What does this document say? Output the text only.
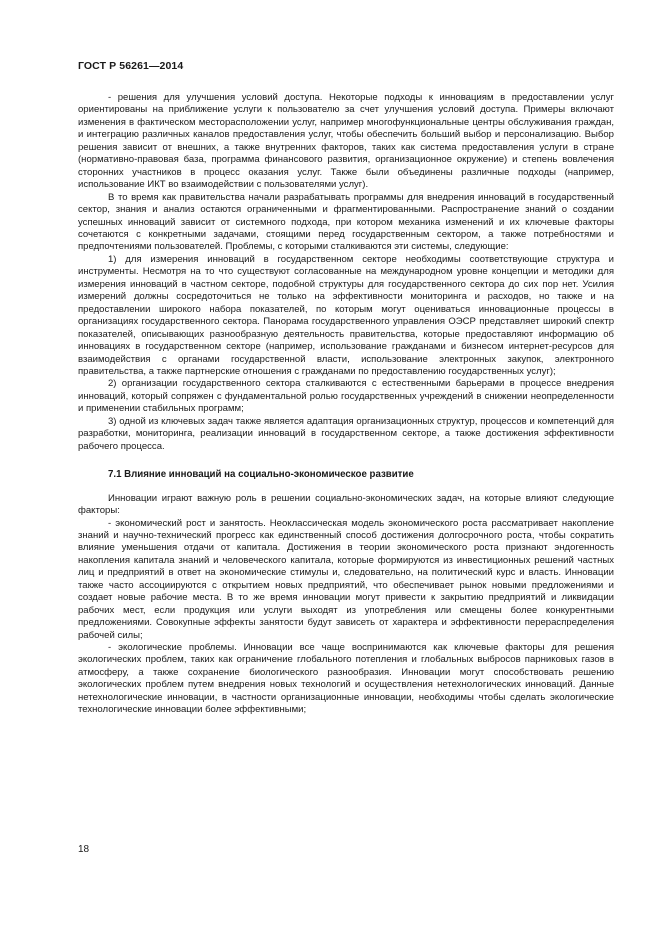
ГОСТ Р 56261—2014

- решения для улучшения условий доступа. Некоторые подходы к инновациям в предоставлении услуг ориентированы на приближение услуги к пользователю за счет улучшения условий доступа. Примеры включают изменения в фактическом месторасположении услуг, например многофункциональные центры обслуживания граждан, и интеграцию различных каналов предоставления услуг, чтобы обеспечить больший выбор и персонализацию. Выбор решения зависит от внешних, а также внутренних факторов, таких как система предоставления услуги в стране (нормативно-правовая база, программа финансового развития, организационное окружение) и степень вовлечения сторонних участников в процесс оказания услуг. Также были объединены различные подходы (например, использование ИКТ во взаимодействии с пользователями услуг).

В то время как правительства начали разрабатывать программы для внедрения инноваций в государственный сектор, знания и анализ остаются ограниченными и фрагментированными. Распространение знаний о создании успешных инноваций зависит от системного подхода, при котором механика изменений и их ключевые факторы сочетаются с конкретными задачами, стоящими перед государственным сектором, а также потребностями и предпочтениями пользователей. Проблемы, с которыми сталкиваются эти системы, следующие:

1) для измерения инноваций в государственном секторе необходимы соответствующие структура и инструменты. Несмотря на то что существуют согласованные на международном уровне концепции и методики для измерения инноваций в частном секторе, подобной структуры для государственного сектора до сих пор нет. Усилия измерений должны сосредоточиться не только на эффективности мониторинга и расходов, но также и на предоставлении широкого набора показателей, по которым могут оцениваться инновационные процессы в организациях государственного сектора. Панорама государственного управления ОЭСР представляет широкий спектр показателей, описывающих разнообразную деятельность правительства, которые предоставляют информацию об инновациях в государственном секторе (например, использование гражданами и бизнесом интернет-ресурсов для взаимодействия с органами государственной власти, использование электронных закупок, электронного правительства, а также партнерские отношения с гражданами по предоставлению государственных услуг);

2) организации государственного сектора сталкиваются с естественными барьерами в процессе внедрения инноваций, который сопряжен с фундаментальной ролью государственных учреждений в снижении неопределенности и применении стабильных программ;

3) одной из ключевых задач также является адаптация организационных структур, процессов и компетенций для разработки, мониторинга, реализации инноваций в государственном секторе, а также достижения эффективности рабочего процесса.

7.1 Влияние инноваций на социально-экономическое развитие

Инновации играют важную роль в решении социально-экономических задач, на которые влияют следующие факторы:

- экономический рост и занятость. Неоклассическая модель экономического роста рассматривает накопление знаний и научно-технический прогресс как единственный способ достижения долгосрочного роста, чтобы сократить влияние уменьшения отдачи от капитала. Достижения в теории экономического роста признают эндогенность накопления капитала знаний и человеческого капитала, которые формируются из инвестиционных решений частных лиц и предприятий в ответ на экономические стимулы и, следовательно, на политический курс и власть. Инновации также часто ассоциируются с открытием новых предприятий, что обеспечивает рынок новыми предложениями и создает новые рабочие места. В то же время инновации могут привести к закрытию предприятий и ликвидации рабочих мест, если продукция или услуги выходят из употребления или смещены более конкурентными предложениями. Совокупные эффекты занятости будут зависеть от характера и эффективности перераспределения рабочей силы;

- экологические проблемы. Инновации все чаще воспринимаются как ключевые факторы для решения экологических проблем, таких как ограничение глобального потепления и глобальных выбросов парниковых газов в атмосферу, а также сохранение биологического разнообразия. Инновации могут способствовать решению экологических проблем путем внедрения новых технологий и осуществления нетехнологических инноваций. Данные нетехнологические инновации, в частности организационные инновации, необходимы чтобы сделать экологические технологические инновации более эффективными;

18
